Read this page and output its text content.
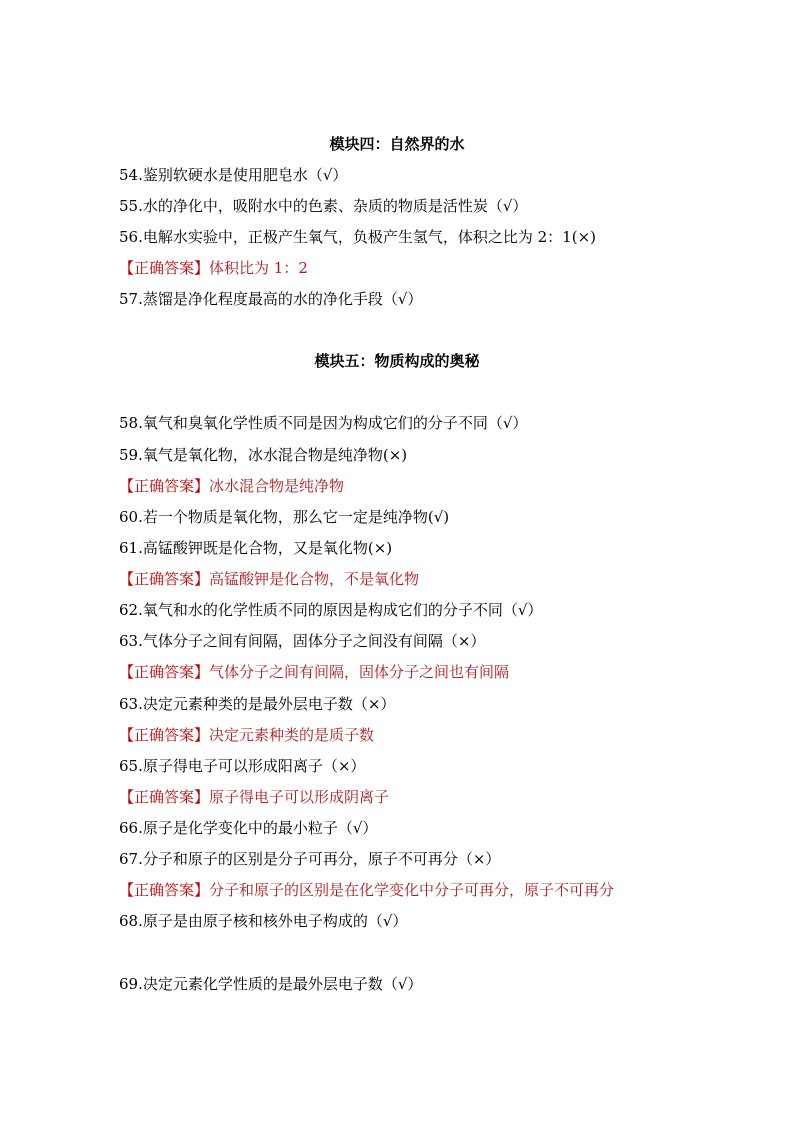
模块四：自然界的水
54.鉴别软硬水是使用肥皂水（√）
55.水的净化中，吸附水中的色素、杂质的物质是活性炭（√）
56.电解水实验中，正极产生氧气，负极产生氢气，体积之比为 2：1(×)
【正确答案】体积比为 1：2
57.蒸馏是净化程度最高的水的净化手段（√）
模块五：物质构成的奥秘
58.氧气和臭氧化学性质不同是因为构成它们的分子不同（√）
59.氧气是氧化物，冰水混合物是纯净物(×)
【正确答案】冰水混合物是纯净物
60.若一个物质是氧化物，那么它一定是纯净物(√)
61.高锰酸钾既是化合物，又是氧化物(×)
【正确答案】高锰酸钾是化合物，不是氧化物
62.氧气和水的化学性质不同的原因是构成它们的分子不同（√）
63.气体分子之间有间隔，固体分子之间没有间隔（×）
【正确答案】气体分子之间有间隔，固体分子之间也有间隔
63.决定元素种类的是最外层电子数（×）
【正确答案】决定元素种类的是质子数
65.原子得电子可以形成阳离子（×）
【正确答案】原子得电子可以形成阴离子
66.原子是化学变化中的最小粒子（√）
67.分子和原子的区别是分子可再分，原子不可再分（×）
【正确答案】分子和原子的区别是在化学变化中分子可再分，原子不可再分
68.原子是由原子核和核外电子构成的（√）
69.决定元素化学性质的是最外层电子数（√）
